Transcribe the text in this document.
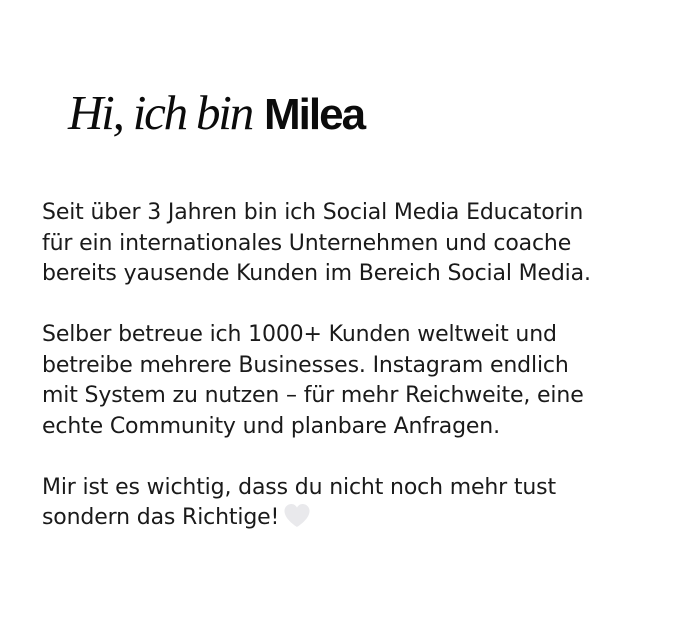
Hi, ich bin Milea

Seit über 3 Jahren bin ich Social Media Educatorin
für ein internationales Unternehmen und coache
bereits yausende Kunden im Bereich Social Media.

Selber betreue ich 1000+ Kunden weltweit und
betreibe mehrere Businesses. Instagram endlich
mit System zu nutzen – für mehr Reichweite, eine
echte Community und planbare Anfragen.

Mir ist es wichtig, dass du nicht noch mehr tust
sondern das Richtige!
